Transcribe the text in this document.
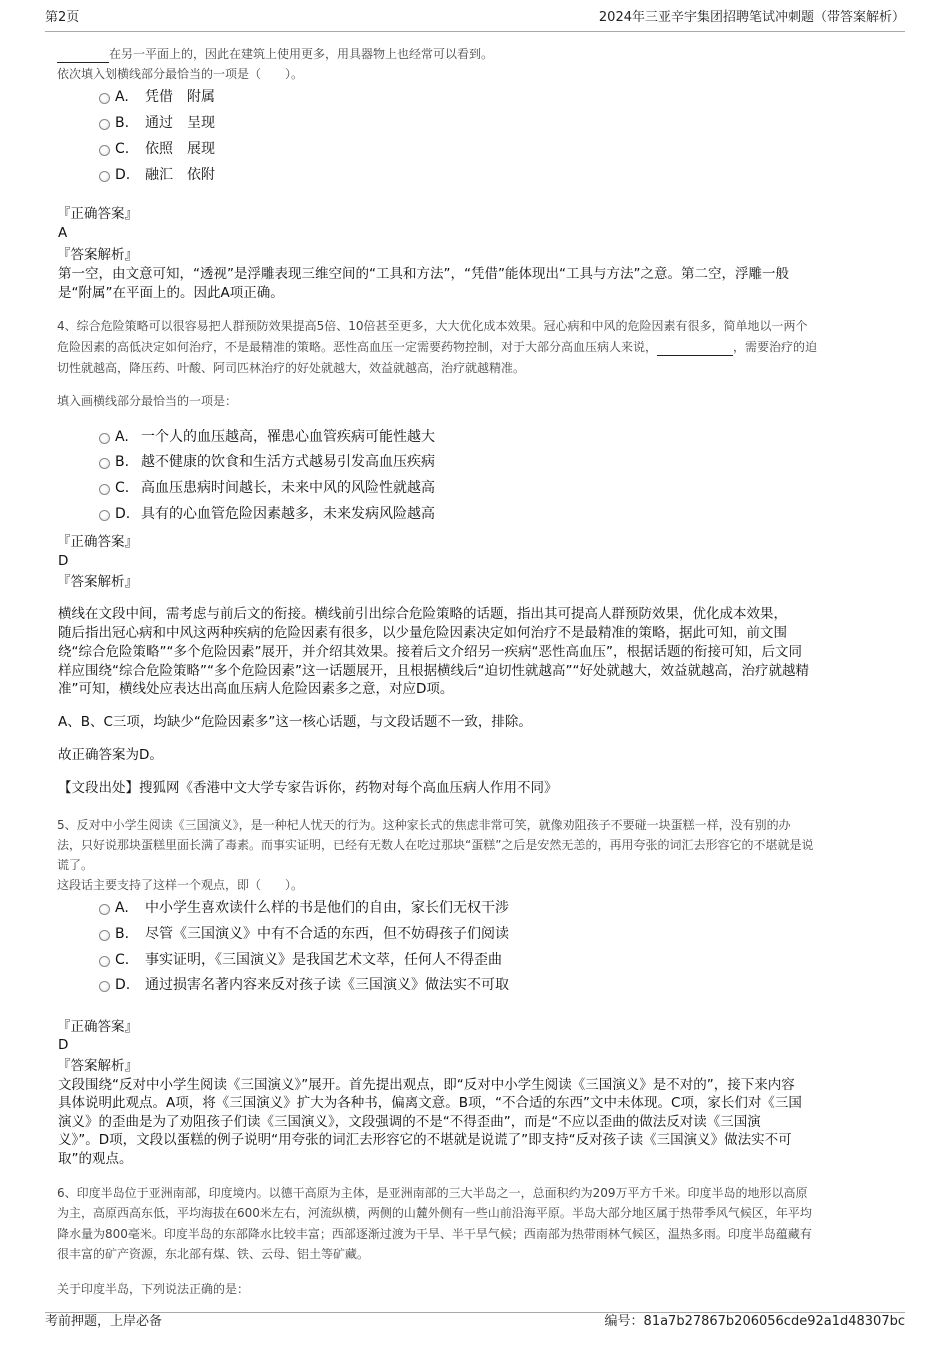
第2页	2024年三亚辛宇集团招聘笔试冲刺题（带答案解析）
在另一平面上的，因此在建筑上使用更多，用具器物上也经常可以看到。
依次填入划横线部分最恰当的一项是（　　）。
A. 凭借　附属
B. 通过　呈现
C. 依照　展现
D. 融汇　依附
『正确答案』
A
『答案解析』
第一空，由文意可知，“透视”是浮雕表现三维空间的“工具和方法”，“凭借”能体现出“工具与方法”之意。第二空，浮雕一般
是“附属”在平面上的。因此A项正确。
4、综合危险策略可以很容易把人群预防效果提高5倍、10倍甚至更多，大大优化成本效果。冠心病和中风的危险因素有很多，简单地以一两个
危险因素的高低决定如何治疗，不是最精准的策略。恶性高血压一定需要药物控制，对于大部分高血压病人来说，	，需要治疗的迫
切性就越高，降压药、叶酸、阿司匹林治疗的好处就越大，效益就越高，治疗就越精准。
填入画横线部分最恰当的一项是：
A. 一个人的血压越高，罹患心血管疾病可能性越大
B. 越不健康的饮食和生活方式越易引发高血压疾病
C. 高血压患病时间越长，未来中风的风险性就越高
D. 具有的心血管危险因素越多，未来发病风险越高
『正确答案』
D
『答案解析』
横线在文段中间，需考虑与前后文的衔接。横线前引出综合危险策略的话题，指出其可提高人群预防效果，优化成本效果，
随后指出冠心病和中风这两种疾病的危险因素有很多，以少量危险因素决定如何治疗不是最精准的策略，据此可知，前文围
绕“综合危险策略”“多个危险因素”展开，并介绍其效果。接着后文介绍另一疾病“恶性高血压”，根据话题的衔接可知，后文同
样应围绕“综合危险策略”“多个危险因素”这一话题展开，且根据横线后“迫切性就越高”“好处就越大，效益就越高，治疗就越精
准”可知，横线处应表达出高血压病人危险因素多之意，对应D项。
A、B、C三项，均缺少“危险因素多”这一核心话题，与文段话题不一致，排除。
故正确答案为D。
【文段出处】搜狐网《香港中文大学专家告诉你，药物对每个高血压病人作用不同》
5、反对中小学生阅读《三国演义》，是一种杞人忧天的行为。这种家长式的焦虑非常可笑，就像劝阻孩子不要碰一块蛋糕一样，没有别的办
法，只好说那块蛋糕里面长满了毒素。而事实证明，已经有无数人在吃过那块“蛋糕”之后是安然无恙的，再用夸张的词汇去形容它的不堪就是说
谎了。
这段话主要支持了这样一个观点，即（　　）。
A. 中小学生喜欢读什么样的书是他们的自由，家长们无权干涉
B. 尽管《三国演义》中有不合适的东西，但不妨碍孩子们阅读
C. 事实证明，《三国演义》是我国艺术文萃，任何人不得歪曲
D. 通过损害名著内容来反对孩子读《三国演义》做法实不可取
『正确答案』
D
『答案解析』
文段围绕“反对中小学生阅读《三国演义》”展开。首先提出观点，即“反对中小学生阅读《三国演义》是不对的”，接下来内容
具体说明此观点。A项，将《三国演义》扩大为各种书，偏离文意。B项，“不合适的东西”文中未体现。C项，家长们对《三国
演义》的歪曲是为了劝阻孩子们读《三国演义》，文段强调的不是“不得歪曲”，而是“不应以歪曲的做法反对读《三国演
义》”。D项，文段以蛋糕的例子说明“用夸张的词汇去形容它的不堪就是说谎了”即支持“反对孩子读《三国演义》做法实不可
取”的观点。
6、印度半岛位于亚洲南部，印度境内。以德干高原为主体，是亚洲南部的三大半岛之一，总面积约为209万平方千米。印度半岛的地形以高原
为主，高原西高东低，平均海拔在600米左右，河流纵横，两侧的山麓外侧有一些山前沿海平原。半岛大部分地区属于热带季风气候区，年平均
降水量为800毫米。印度半岛的东部降水比较丰富；西部逐渐过渡为干旱、半干旱气候；西南部为热带雨林气候区，温热多雨。印度半岛蕴藏有
很丰富的矿产资源，东北部有煤、铁、云母、铝土等矿藏。
关于印度半岛，下列说法正确的是：
考前押题，上岸必备	编号：81a7b27867b206056cde92a1d48307bc
